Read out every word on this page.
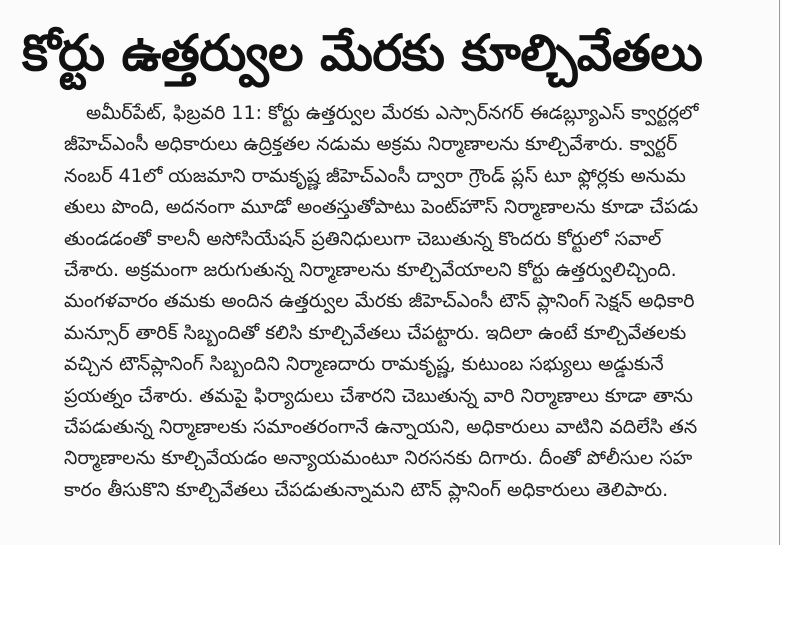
కోర్టు ఉత్తర్వుల మేరకు కూల్చివేతలు
అమీర్‌పేట్, ఫిబ్రవరి 11: కోర్టు ఉత్తర్వుల మేరకు ఎస్సార్‌నగర్ ఈడబ్ల్యూఎస్ క్వార్టర్లలో
జీహెచ్ఎంసీ అధికారులు ఉద్రిక్తతల నడుమ అక్రమ నిర్మాణాలను కూల్చివేశారు. క్వార్టర్
నంబర్ 41లో యజమాని రామకృష్ణ జీహెచ్ఎంసీ ద్వారా గ్రౌండ్ ప్లస్ టూ ఫ్లోర్లకు అనుమ
తులు పొంది, అదనంగా మూడో అంతస్తుతోపాటు పెంట్‌హౌస్ నిర్మాణాలను కూడా చేపడు
తుండడంతో కాలనీ అసోసియేషన్ ప్రతినిధులుగా చెబుతున్న కొందరు కోర్టులో సవాల్
చేశారు. అక్రమంగా జరుగుతున్న నిర్మాణాలను కూల్చివేయాలని కోర్టు ఉత్తర్వులిచ్చింది.
మంగళవారం తమకు అందిన ఉత్తర్వుల మేరకు జీహెచ్ఎంసీ టౌన్ ప్లానింగ్ సెక్షన్ అధికారి
మన్సూర్ తారిక్ సిబ్బందితో కలిసి కూల్చివేతలు చేపట్టారు. ఇదిలా ఉంటే కూల్చివేతలకు
వచ్చిన టౌన్‌ప్లానింగ్ సిబ్బందిని నిర్మాణదారు రామకృష్ణ, కుటుంబ సభ్యులు అడ్డుకునే
ప్రయత్నం చేశారు. తమపై ఫిర్యాదులు చేశారని చెబుతున్న వారి నిర్మాణాలు కూడా తాను
చేపడుతున్న నిర్మాణాలకు సమాంతరంగానే ఉన్నాయని, అధికారులు వాటిని వదిలేసి తన
నిర్మాణాలను కూల్చివేయడం అన్యాయమంటూ నిరసనకు దిగారు. దీంతో పోలీసుల సహ
కారం తీసుకొని కూల్చివేతలు చేపడుతున్నామని టౌన్ ప్లానింగ్ అధికారులు తెలిపారు.
